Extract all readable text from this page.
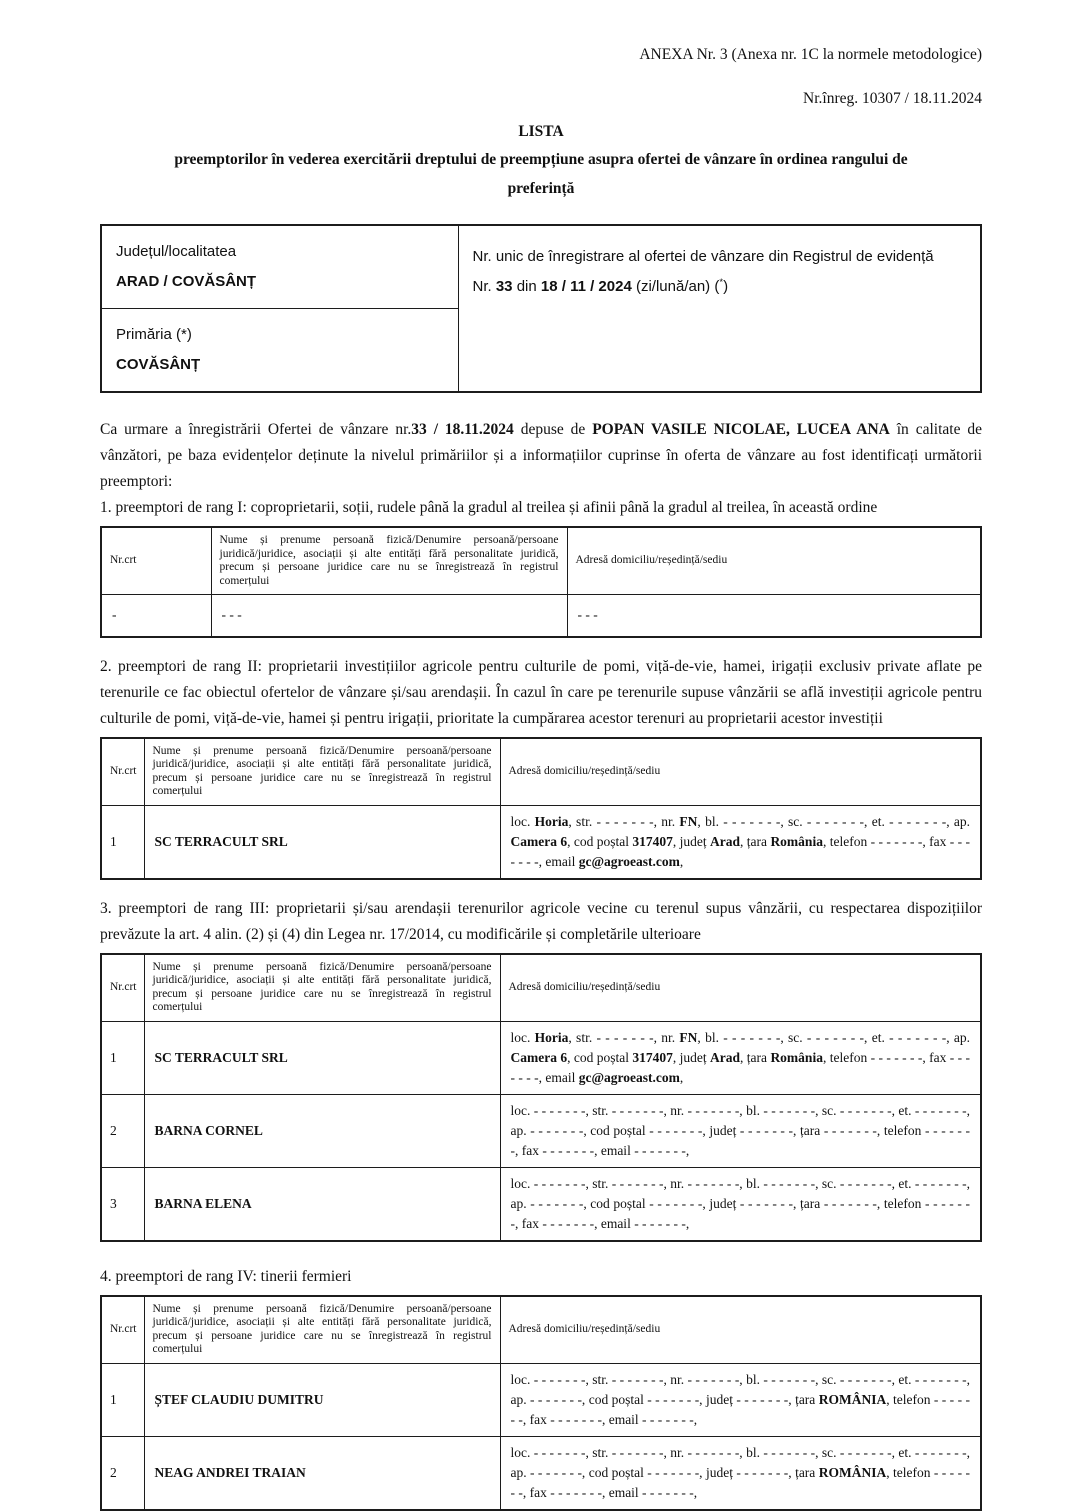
ANEXA Nr. 3 (Anexa nr. 1C la normele metodologice)

Nr.înreg. 10307 / 18.11.2024

LISTA

preemptorilor în vederea exercitării dreptului de preempțiune asupra ofertei de vânzare în ordinea rangului de

preferință

Județul/localitatea
ARAD / COVĂSÂNȚ

Nr. unic de înregistrare al ofertei de vânzare din Registrul de evidență

Nr. 33 din 18 / 11 / 2024 (zi/lună/an) (*)

Primăria (*)
COVĂSÂNȚ

Ca urmare a înregistrării Ofertei de vânzare nr.33 / 18.11.2024 depuse de POPAN VASILE NICOLAE, LUCEA ANA în calitate de vânzători, pe baza evidențelor deținute la nivelul primăriilor și a informațiilor cuprinse în oferta de vânzare au fost identificați următorii preemptori:

1. preemptori de rang I: coproprietarii, soții, rudele până la gradul al treilea și afinii până la gradul al treilea, în această ordine

Nr.crt	Nume și prenume persoană fizică/Denumire persoană/persoane juridică/juridice, asociații și alte entități fără personalitate juridică, precum și persoane juridice care nu se înregistrează în registrul comerțului	Adresă domiciliu/reședință/sediu
-	- - -	- - -

2. preemptori de rang II: proprietarii investițiilor agricole pentru culturile de pomi, viță-de-vie, hamei, irigații exclusiv private aflate pe terenurile ce fac obiectul ofertelor de vânzare și/sau arendașii. În cazul în care pe terenurile supuse vânzării se află investiții agricole pentru culturile de pomi, viță-de-vie, hamei și pentru irigații, prioritate la cumpărarea acestor terenuri au proprietarii acestor investiții

Nr.crt	Nume și prenume persoană fizică/Denumire persoană/persoane juridică/juridice, asociații și alte entități fără personalitate juridică, precum și persoane juridice care nu se înregistrează în registrul comerțului	Adresă domiciliu/reședință/sediu
1	SC TERRACULT SRL	loc. Horia, str. - - - - - - -, nr. FN, bl. - - - - - - -, sc. - - - - - - -, et. - - - - - - -, ap. Camera 6, cod poștal 317407, județ Arad, țara România, telefon - - - - - - -, fax - - - - - - -, email gc@agroeast.com,

3. preemptori de rang III: proprietarii și/sau arendașii terenurilor agricole vecine cu terenul supus vânzării, cu respectarea dispozițiilor prevăzute la art. 4 alin. (2) și (4) din Legea nr. 17/2014, cu modificările și completările ulterioare

Nr.crt	Nume și prenume persoană fizică/Denumire persoană/persoane juridică/juridice, asociații și alte entități fără personalitate juridică, precum și persoane juridice care nu se înregistrează în registrul comerțului	Adresă domiciliu/reședință/sediu
1	SC TERRACULT SRL	loc. Horia, str. - - - - - - -, nr. FN, bl. - - - - - - -, sc. - - - - - - -, et. - - - - - - -, ap. Camera 6, cod poștal 317407, județ Arad, țara România, telefon - - - - - - -, fax - - - - - - -, email gc@agroeast.com,
2	BARNA CORNEL	loc. - - - - - - -, str. - - - - - - -, nr. - - - - - - -, bl. - - - - - - -, sc. - - - - - - -, et. - - - - - - -, ap. - - - - - - -, cod poștal - - - - - - -, județ - - - - - - -, țara - - - - - - -, telefon - - - - - - -, fax - - - - - - -, email - - - - - - -,
3	BARNA ELENA	loc. - - - - - - -, str. - - - - - - -, nr. - - - - - - -, bl. - - - - - - -, sc. - - - - - - -, et. - - - - - - -, ap. - - - - - - -, cod poștal - - - - - - -, județ - - - - - - -, țara - - - - - - -, telefon - - - - - - -, fax - - - - - - -, email - - - - - - -,

4. preemptori de rang IV: tinerii fermieri

Nr.crt	Nume și prenume persoană fizică/Denumire persoană/persoane juridică/juridice, asociații și alte entități fără personalitate juridică, precum și persoane juridice care nu se înregistrează în registrul comerțului	Adresă domiciliu/reședință/sediu
1	ȘTEF CLAUDIU DUMITRU	loc. - - - - - - -, str. - - - - - - -, nr. - - - - - - -, bl. - - - - - - -, sc. - - - - - - -, et. - - - - - - -, ap. - - - - - - -, cod poștal - - - - - - -, județ - - - - - - -, țara ROMÂNIA, telefon - - - - - - -, fax - - - - - - -, email - - - - - - -,
2	NEAG ANDREI TRAIAN	loc. - - - - - - -, str. - - - - - - -, nr. - - - - - - -, bl. - - - - - - -, sc. - - - - - - -, et. - - - - - - -, ap. - - - - - - -, cod poștal - - - - - - -, județ - - - - - - -, țara ROMÂNIA, telefon - - - - - - -, fax - - - - - - -, email - - - - - - -,
